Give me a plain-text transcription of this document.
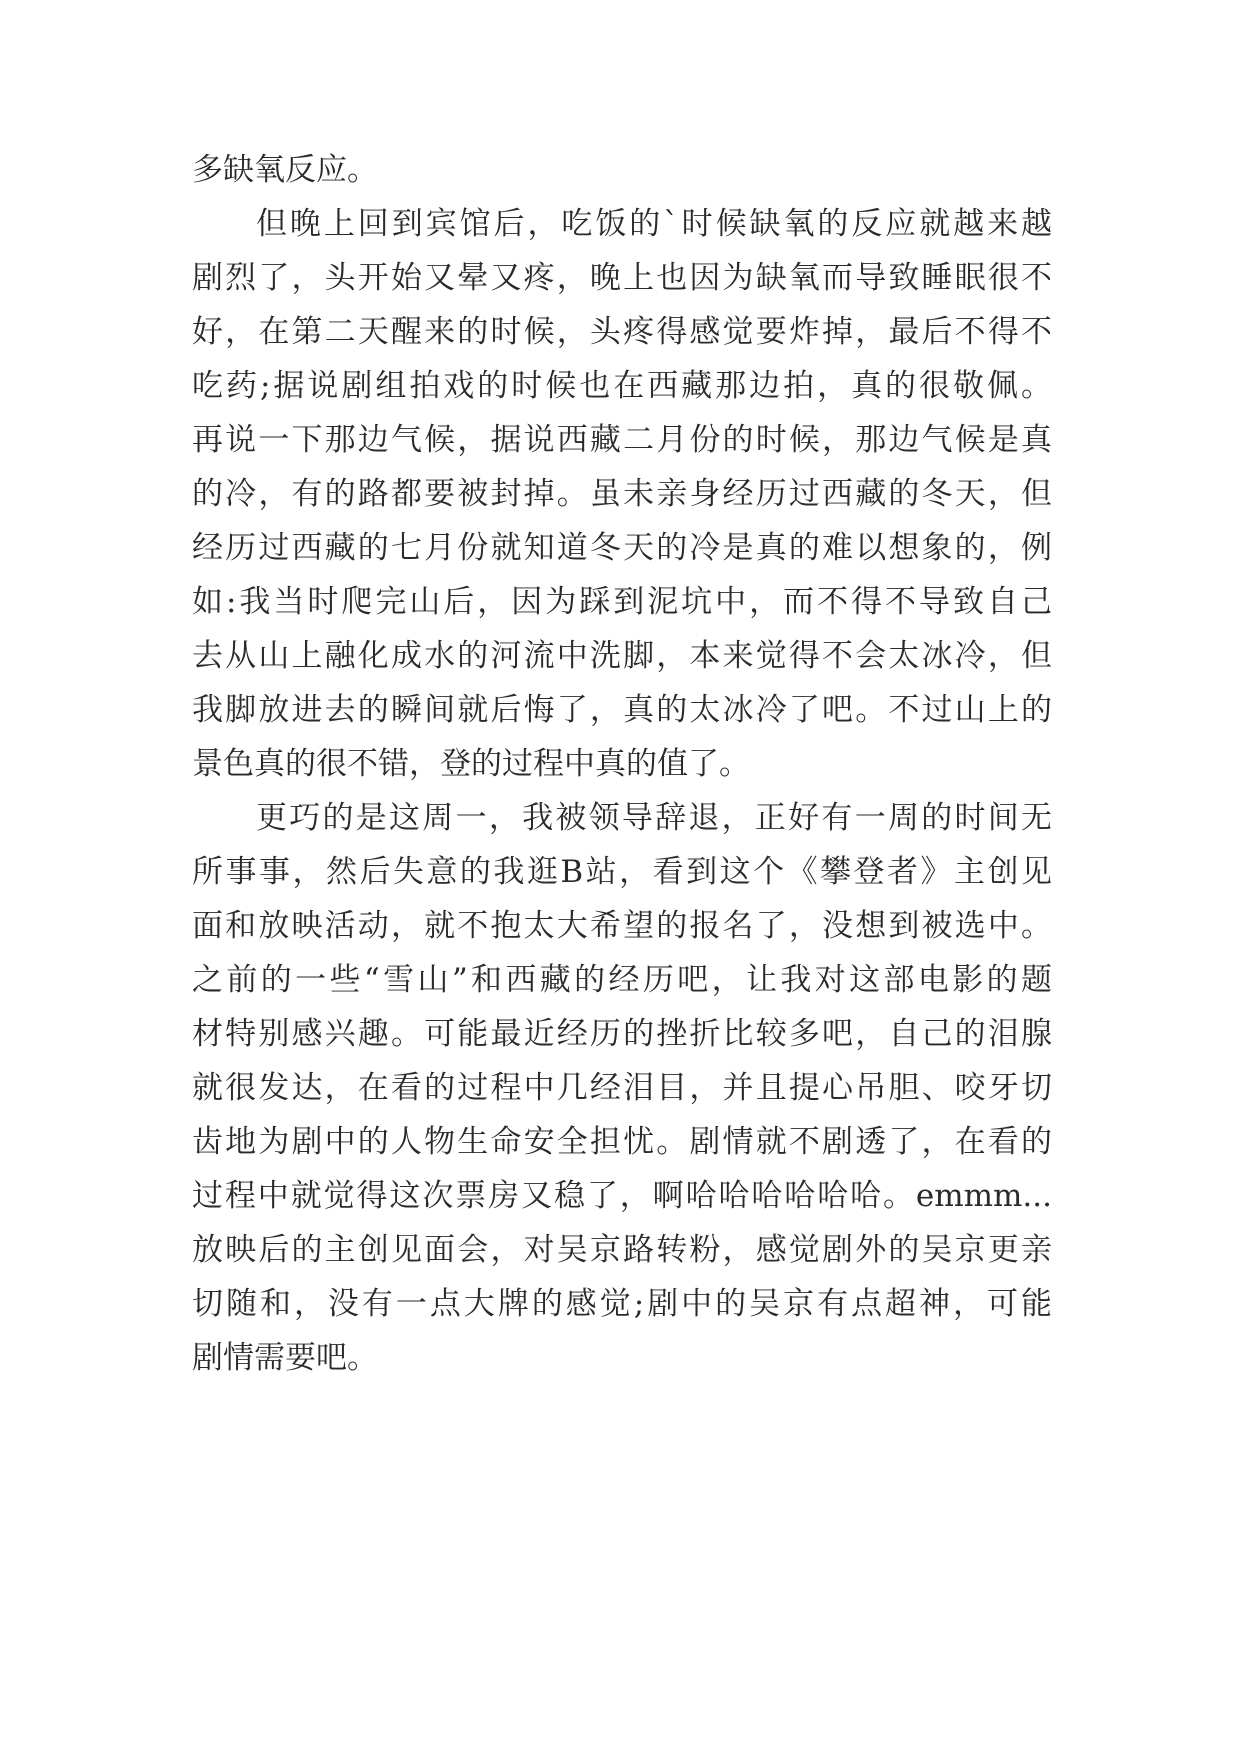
多缺氧反应。
但晚上回到宾馆后，吃饭的`时候缺氧的反应就越来越
剧烈了，头开始又晕又疼，晚上也因为缺氧而导致睡眠很不
好，在第二天醒来的时候，头疼得感觉要炸掉，最后不得不
吃药;据说剧组拍戏的时候也在西藏那边拍，真的很敬佩。
再说一下那边气候，据说西藏二月份的时候，那边气候是真
的冷，有的路都要被封掉。虽未亲身经历过西藏的冬天，但
经历过西藏的七月份就知道冬天的冷是真的难以想象的，例
如:我当时爬完山后，因为踩到泥坑中，而不得不导致自己
去从山上融化成水的河流中洗脚，本来觉得不会太冰冷，但
我脚放进去的瞬间就后悔了，真的太冰冷了吧。不过山上的
景色真的很不错，登的过程中真的值了。
更巧的是这周一，我被领导辞退，正好有一周的时间无
所事事，然后失意的我逛B站，看到这个《攀登者》主创见
面和放映活动，就不抱太大希望的报名了，没想到被选中。
之前的一些“雪山”和西藏的经历吧，让我对这部电影的题
材特别感兴趣。可能最近经历的挫折比较多吧，自己的泪腺
就很发达，在看的过程中几经泪目，并且提心吊胆、咬牙切
齿地为剧中的人物生命安全担忧。剧情就不剧透了，在看的
过程中就觉得这次票房又稳了，啊哈哈哈哈哈哈。emmm...
放映后的主创见面会，对吴京路转粉，感觉剧外的吴京更亲
切随和，没有一点大牌的感觉;剧中的吴京有点超神，可能
剧情需要吧。
